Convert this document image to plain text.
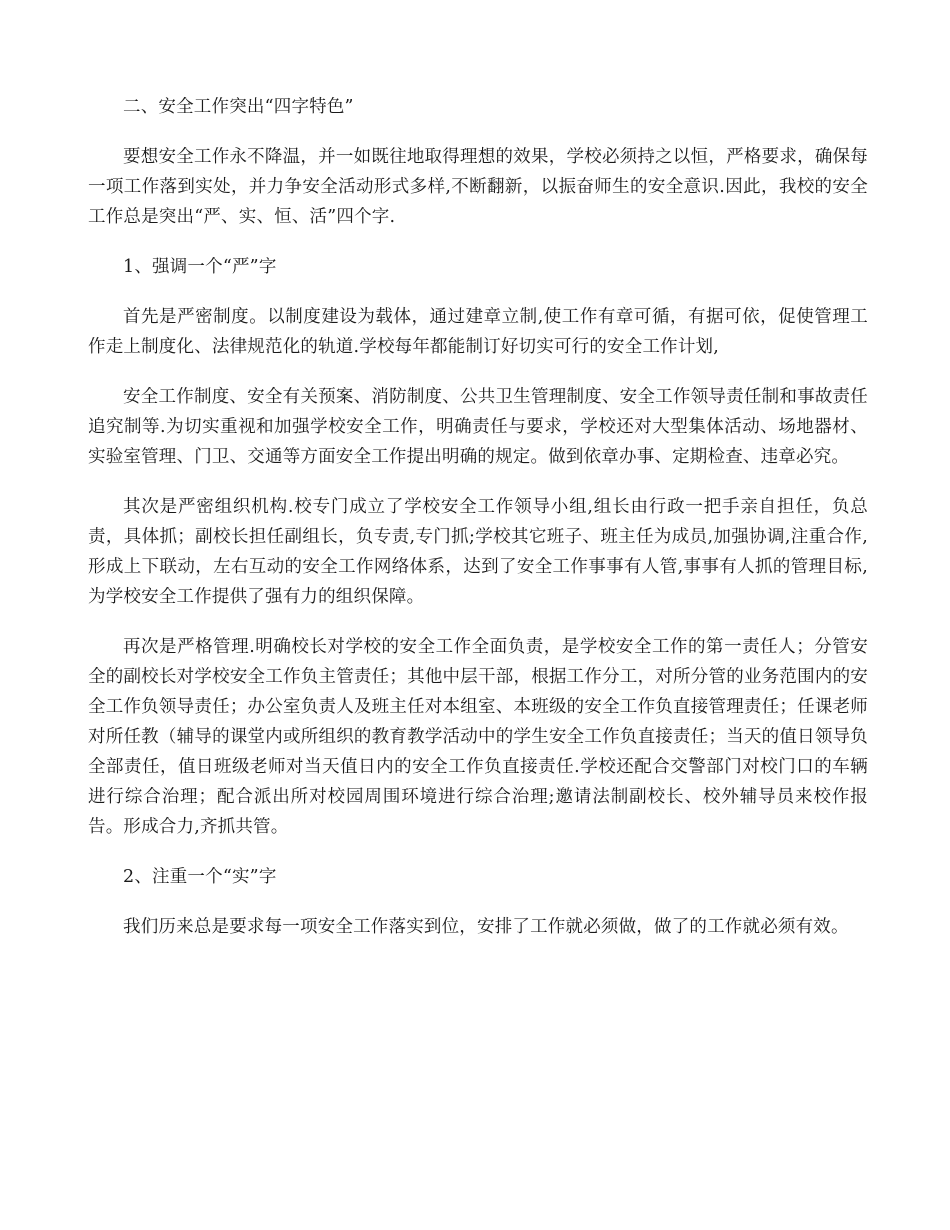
二、安全工作突出“四字特色”

要想安全工作永不降温，并一如既往地取得理想的效果，学校必须持之以恒，严格要求，确保每一项工作落到实处，并力争安全活动形式多样,不断翻新，以振奋师生的安全意识.因此，我校的安全工作总是突出“严、实、恒、活”四个字.

1、强调一个“严”字

首先是严密制度。以制度建设为载体，通过建章立制,使工作有章可循，有据可依，促使管理工作走上制度化、法律规范化的轨道.学校每年都能制订好切实可行的安全工作计划,

安全工作制度、安全有关预案、消防制度、公共卫生管理制度、安全工作领导责任制和事故责任追究制等.为切实重视和加强学校安全工作，明确责任与要求，学校还对大型集体活动、场地器材、实验室管理、门卫、交通等方面安全工作提出明确的规定。做到依章办事、定期检查、违章必究。

其次是严密组织机构.校专门成立了学校安全工作领导小组,组长由行政一把手亲自担任，负总责，具体抓；副校长担任副组长，负专责,专门抓;学校其它班子、班主任为成员,加强协调,注重合作,形成上下联动，左右互动的安全工作网络体系，达到了安全工作事事有人管,事事有人抓的管理目标,为学校安全工作提供了强有力的组织保障。

再次是严格管理.明确校长对学校的安全工作全面负责，是学校安全工作的第一责任人；分管安全的副校长对学校安全工作负主管责任；其他中层干部，根据工作分工，对所分管的业务范围内的安全工作负领导责任；办公室负责人及班主任对本组室、本班级的安全工作负直接管理责任；任课老师对所任教（辅导的课堂内或所组织的教育教学活动中的学生安全工作负直接责任；当天的值日领导负全部责任，值日班级老师对当天值日内的安全工作负直接责任.学校还配合交警部门对校门口的车辆进行综合治理；配合派出所对校园周围环境进行综合治理;邀请法制副校长、校外辅导员来校作报告。形成合力,齐抓共管。

2、注重一个“实”字

我们历来总是要求每一项安全工作落实到位，安排了工作就必须做，做了的工作就必须有效。
